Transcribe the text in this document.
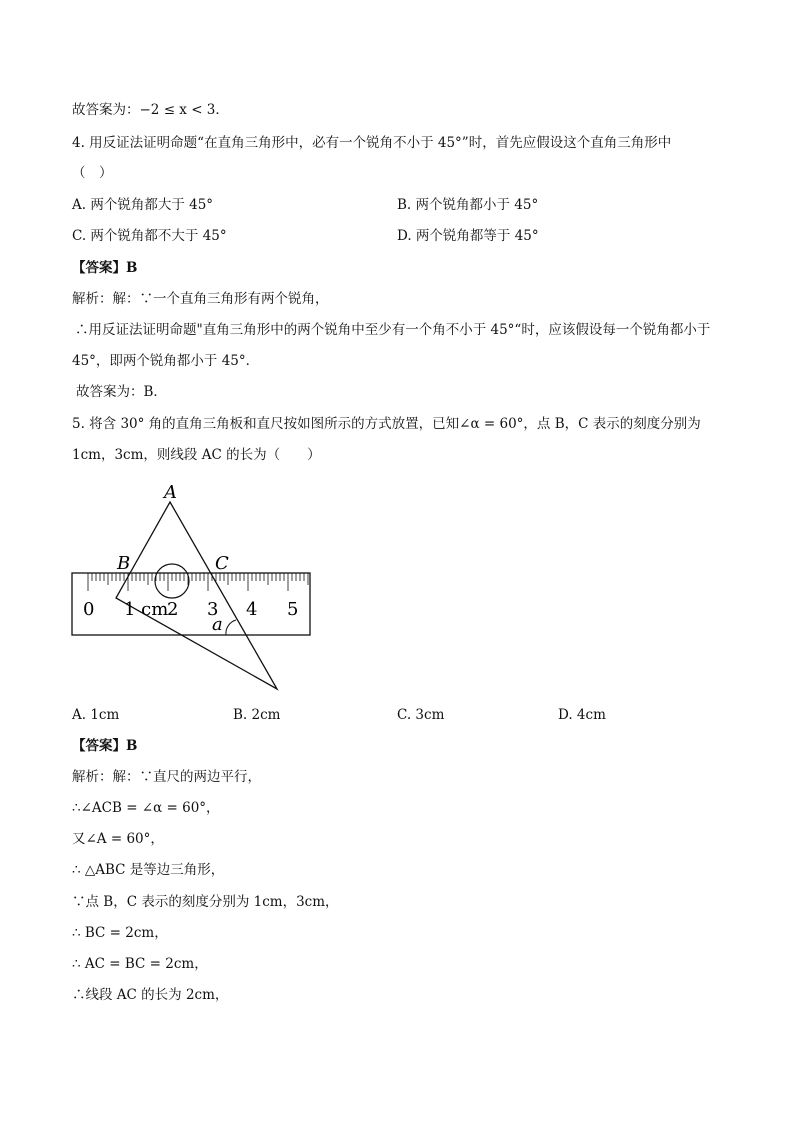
故答案为：−2 ≤ x < 3．
4. 用反证法证明命题“在直角三角形中，必有一个锐角不小于 45°”时，首先应假设这个直角三角形中
（　）
A. 两个锐角都大于 45°	B. 两个锐角都小于 45°
C. 两个锐角都不大于 45°	D. 两个锐角都等于 45°
【答案】B
解析：解：∵一个直角三角形有两个锐角，
∴用反证法证明命题"直角三角形中的两个锐角中至少有一个角不小于 45°“时，应该假设每一个锐角都小于
45°，即两个锐角都小于 45°．
故答案为：B．
5. 将含 30° 角的直角三角板和直尺按如图所示的方式放置，已知∠α = 60°，点 B，C 表示的刻度分别为
1cm，3cm，则线段 AC 的长为（　　）
0 1 cm
2 3 4 5
A
B	C
a
A. 1cm	B. 2cm	C. 3cm	D. 4cm
【答案】B
解析：解：∵直尺的两边平行，
∴∠ACB = ∠α = 60°，
又∠A = 60°，
∴ △ABC 是等边三角形，
∵点 B，C 表示的刻度分别为 1cm，3cm，
∴ BC = 2cm，
∴ AC = BC = 2cm，
∴线段 AC 的长为 2cm，
